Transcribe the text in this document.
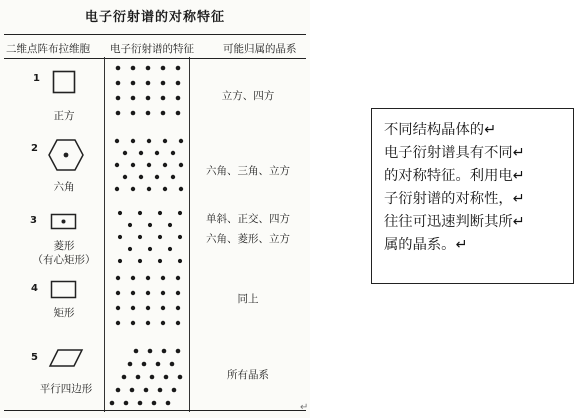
电子衍射谱的对称特征
二维点阵布拉维胞 电子衍射谱的特征	可能归属的晶系
1
正方
立方、四方
2
六角
六角、三角、立方
3
菱形
（有心矩形）
单斜、正交、四方
六角、菱形、立方
4
矩形
同上
5
平行四边形
所有晶系
↵
不同结构晶体的↵
电子衍射谱具有不同↵
的对称特征。利用电↵
子衍射谱的对称性，↵
往往可迅速判断其所↵
属的晶系。↵
